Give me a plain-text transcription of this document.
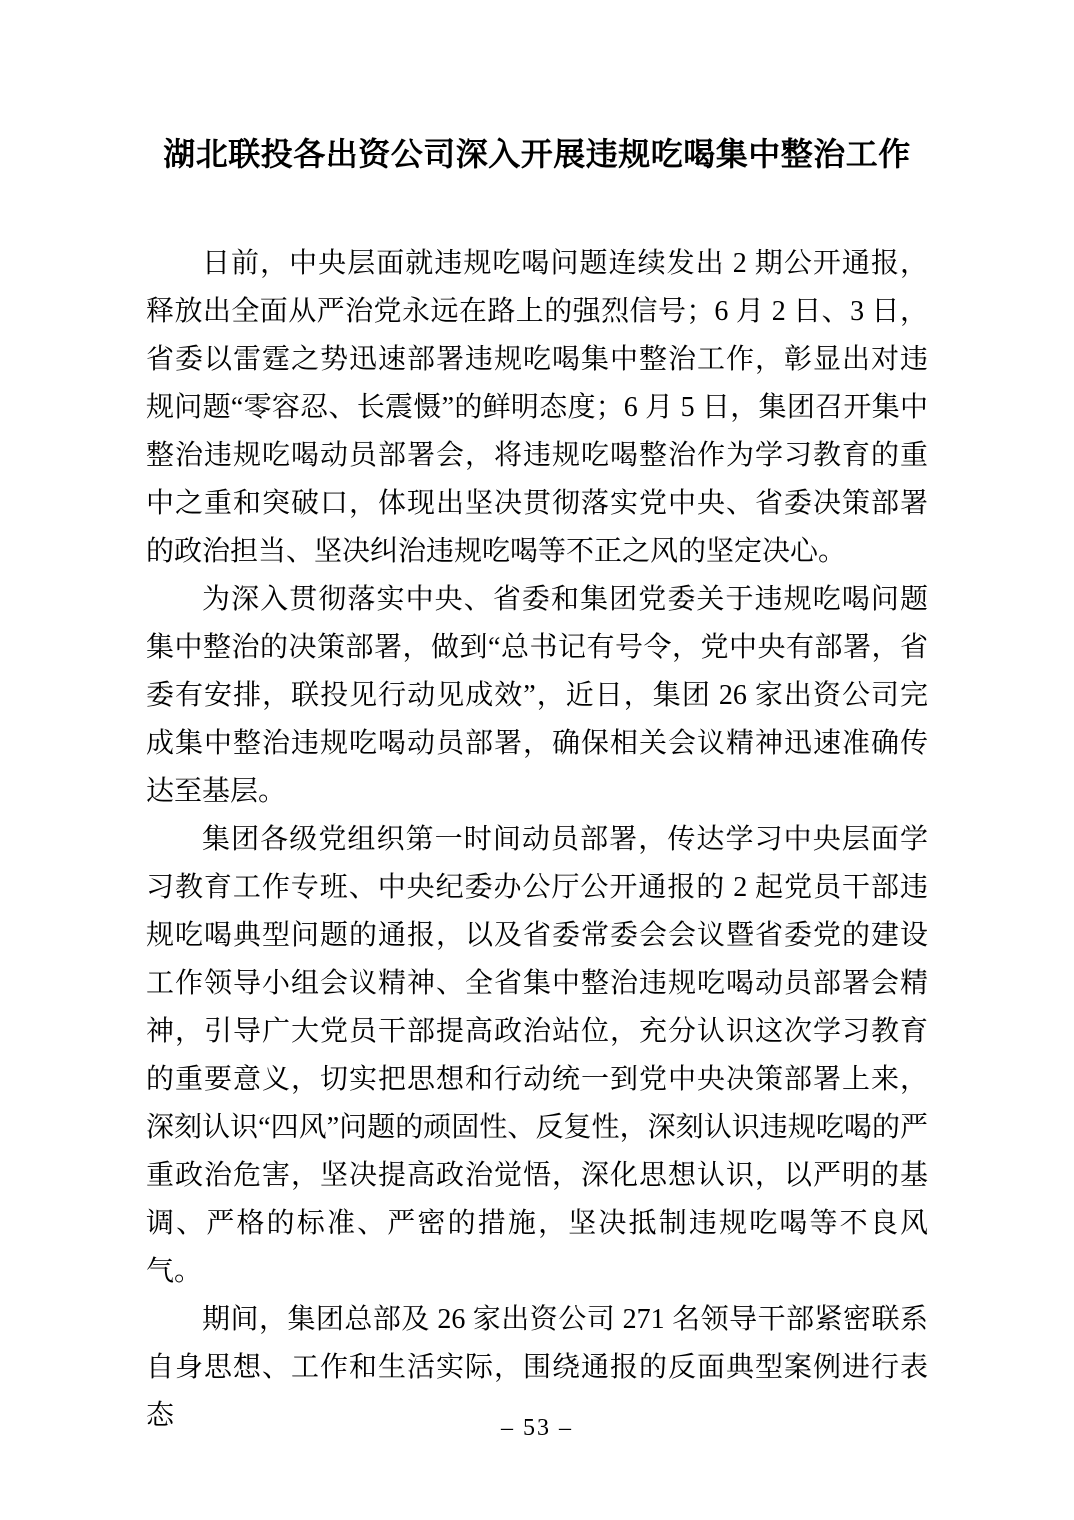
湖北联投各出资公司深入开展违规吃喝集中整治工作

日前，中央层面就违规吃喝问题连续发出 2 期公开通报，释放出全面从严治党永远在路上的强烈信号；6 月 2 日、3 日，省委以雷霆之势迅速部署违规吃喝集中整治工作，彰显出对违规问题“零容忍、长震慑”的鲜明态度；6 月 5 日，集团召开集中整治违规吃喝动员部署会，将违规吃喝整治作为学习教育的重中之重和突破口，体现出坚决贯彻落实党中央、省委决策部署的政治担当、坚决纠治违规吃喝等不正之风的坚定决心。

为深入贯彻落实中央、省委和集团党委关于违规吃喝问题集中整治的决策部署，做到“总书记有号令，党中央有部署，省委有安排，联投见行动见成效”，近日，集团 26 家出资公司完成集中整治违规吃喝动员部署，确保相关会议精神迅速准确传达至基层。

集团各级党组织第一时间动员部署，传达学习中央层面学习教育工作专班、中央纪委办公厅公开通报的 2 起党员干部违规吃喝典型问题的通报，以及省委常委会会议暨省委党的建设工作领导小组会议精神、全省集中整治违规吃喝动员部署会精神，引导广大党员干部提高政治站位，充分认识这次学习教育的重要意义，切实把思想和行动统一到党中央决策部署上来，深刻认识“四风”问题的顽固性、反复性，深刻认识违规吃喝的严重政治危害，坚决提高政治觉悟，深化思想认识，以严明的基调、严格的标准、严密的措施，坚决抵制违规吃喝等不良风气。

期间，集团总部及 26 家出资公司 271 名领导干部紧密联系自身思想、工作和生活实际，围绕通报的反面典型案例进行表态	– 53 –
